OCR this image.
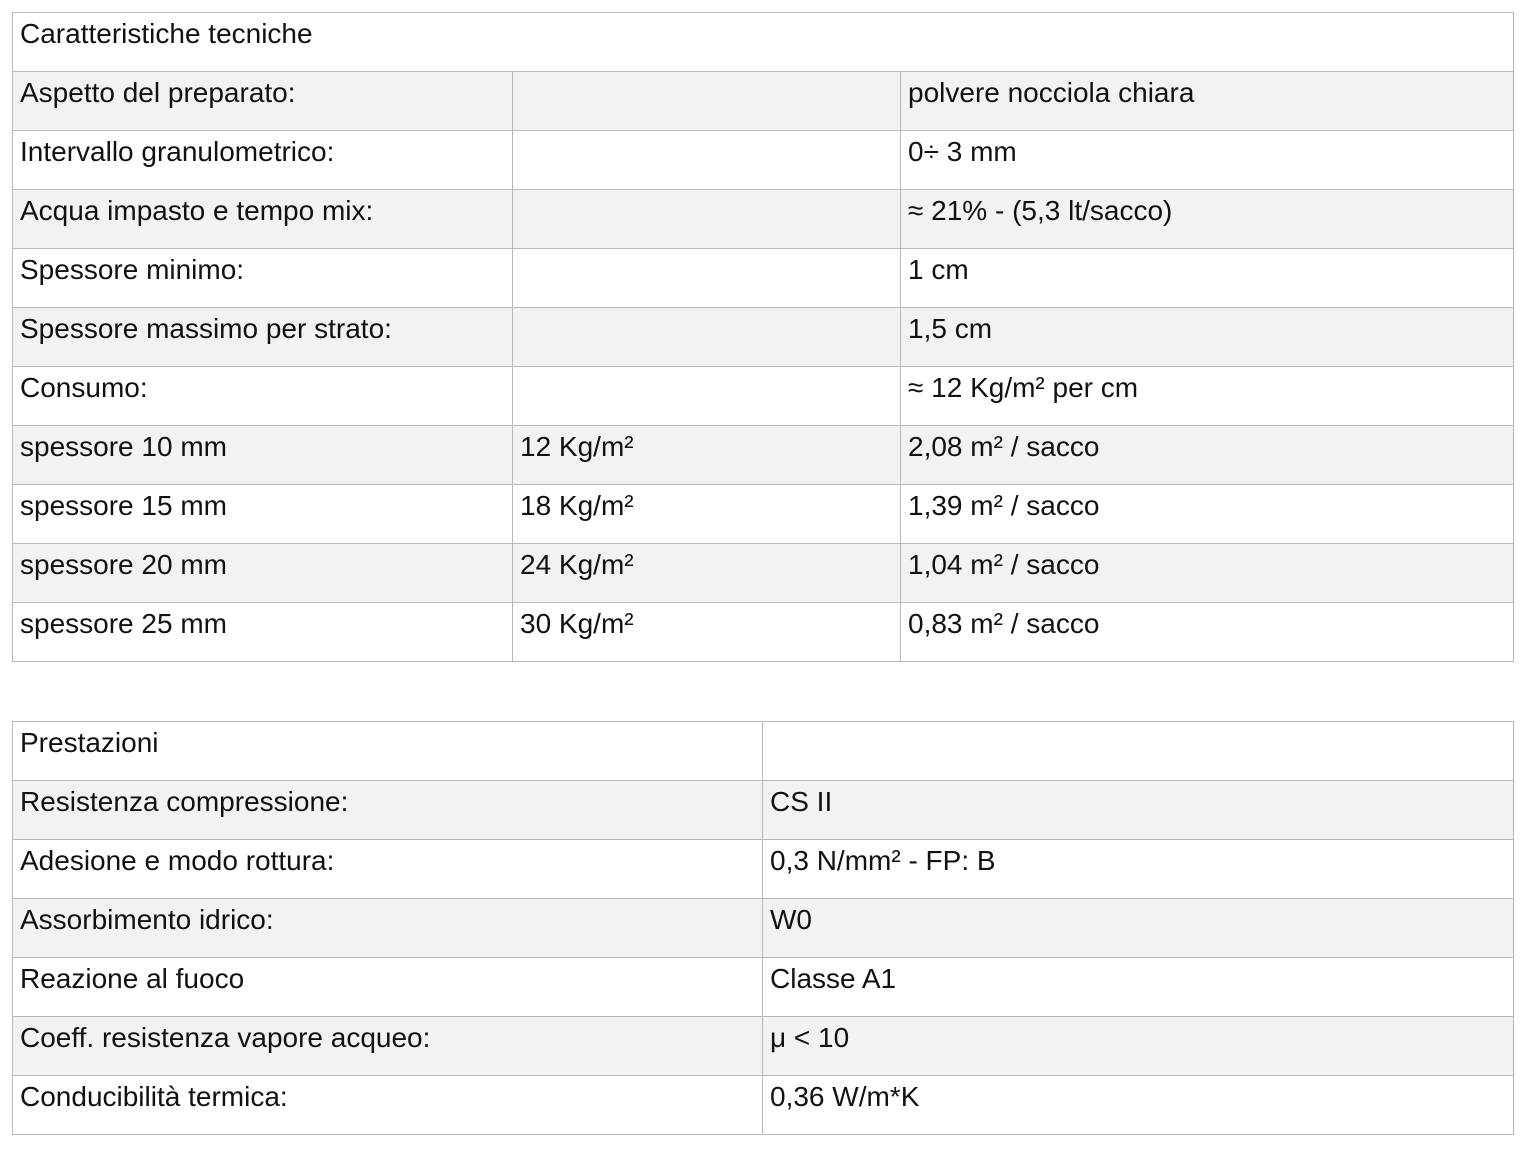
Caratteristiche tecniche		
Aspetto del preparato:		polvere nocciola chiara
Intervallo granulometrico:		0÷ 3 mm
Acqua impasto e tempo mix:		≈ 21% - (5,3 lt/sacco)
Spessore minimo:		1 cm
Spessore massimo per strato:		1,5 cm
Consumo:		≈ 12 Kg/m² per cm
spessore 10 mm	12 Kg/m²	2,08 m² / sacco
spessore 15 mm	18 Kg/m²	1,39 m² / sacco
spessore 20 mm	24 Kg/m²	1,04 m² / sacco
spessore 25 mm	30 Kg/m²	0,83 m² / sacco
Prestazioni	
Resistenza compressione:	CS II
Adesione e modo rottura:	0,3 N/mm² - FP: B
Assorbimento idrico:	W0
Reazione al fuoco	Classe A1
Coeff. resistenza vapore acqueo:	μ < 10
Conducibilità termica:	0,36 W/m*K
